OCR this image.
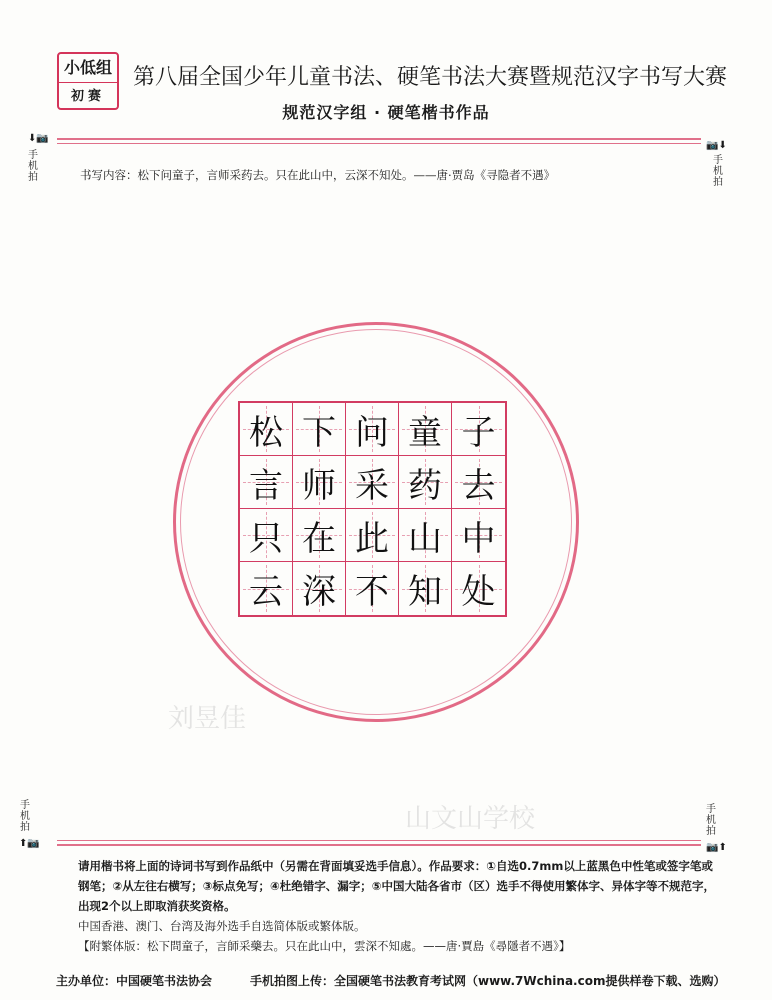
小低组
初赛
第八届全国少年儿童书法、硬笔书法大赛暨规范汉字书写大赛
规范汉字组 · 硬笔楷书作品
⬇📷
📷⬇
手机拍
手机拍
书写内容：松下问童子，言师采药去。只在此山中，云深不知处。——唐·贾岛《寻隐者不遇》
刘昱佳
山文山学校
松 下 问 童 子
言 师 采 药 去
只 在 此 山 中
云 深 不 知 处
手机拍
手机拍
⬆📷	📷⬆

请用楷书将上面的诗词书写到作品纸中（另需在背面填妥选手信息）。作品要求：①自选0.7mm以上蓝黑色中性笔或签字笔或钢笔；②从左往右横写；③标点免写；④杜绝错字、漏字；⑤中国大陆各省市（区）选手不得使用繁体字、异体字等不规范字，出现2个以上即取消获奖资格。

中国香港、澳门、台湾及海外选手自选简体版或繁体版。

【附繁体版：松下問童子，言師采藥去。只在此山中，雲深不知處。——唐·賈島《尋隱者不遇》】

主办单位：中国硬笔书法协会	手机拍图上传：全国硬笔书法教育考试网（www.7Wchina.com提供样卷下载、选购）
